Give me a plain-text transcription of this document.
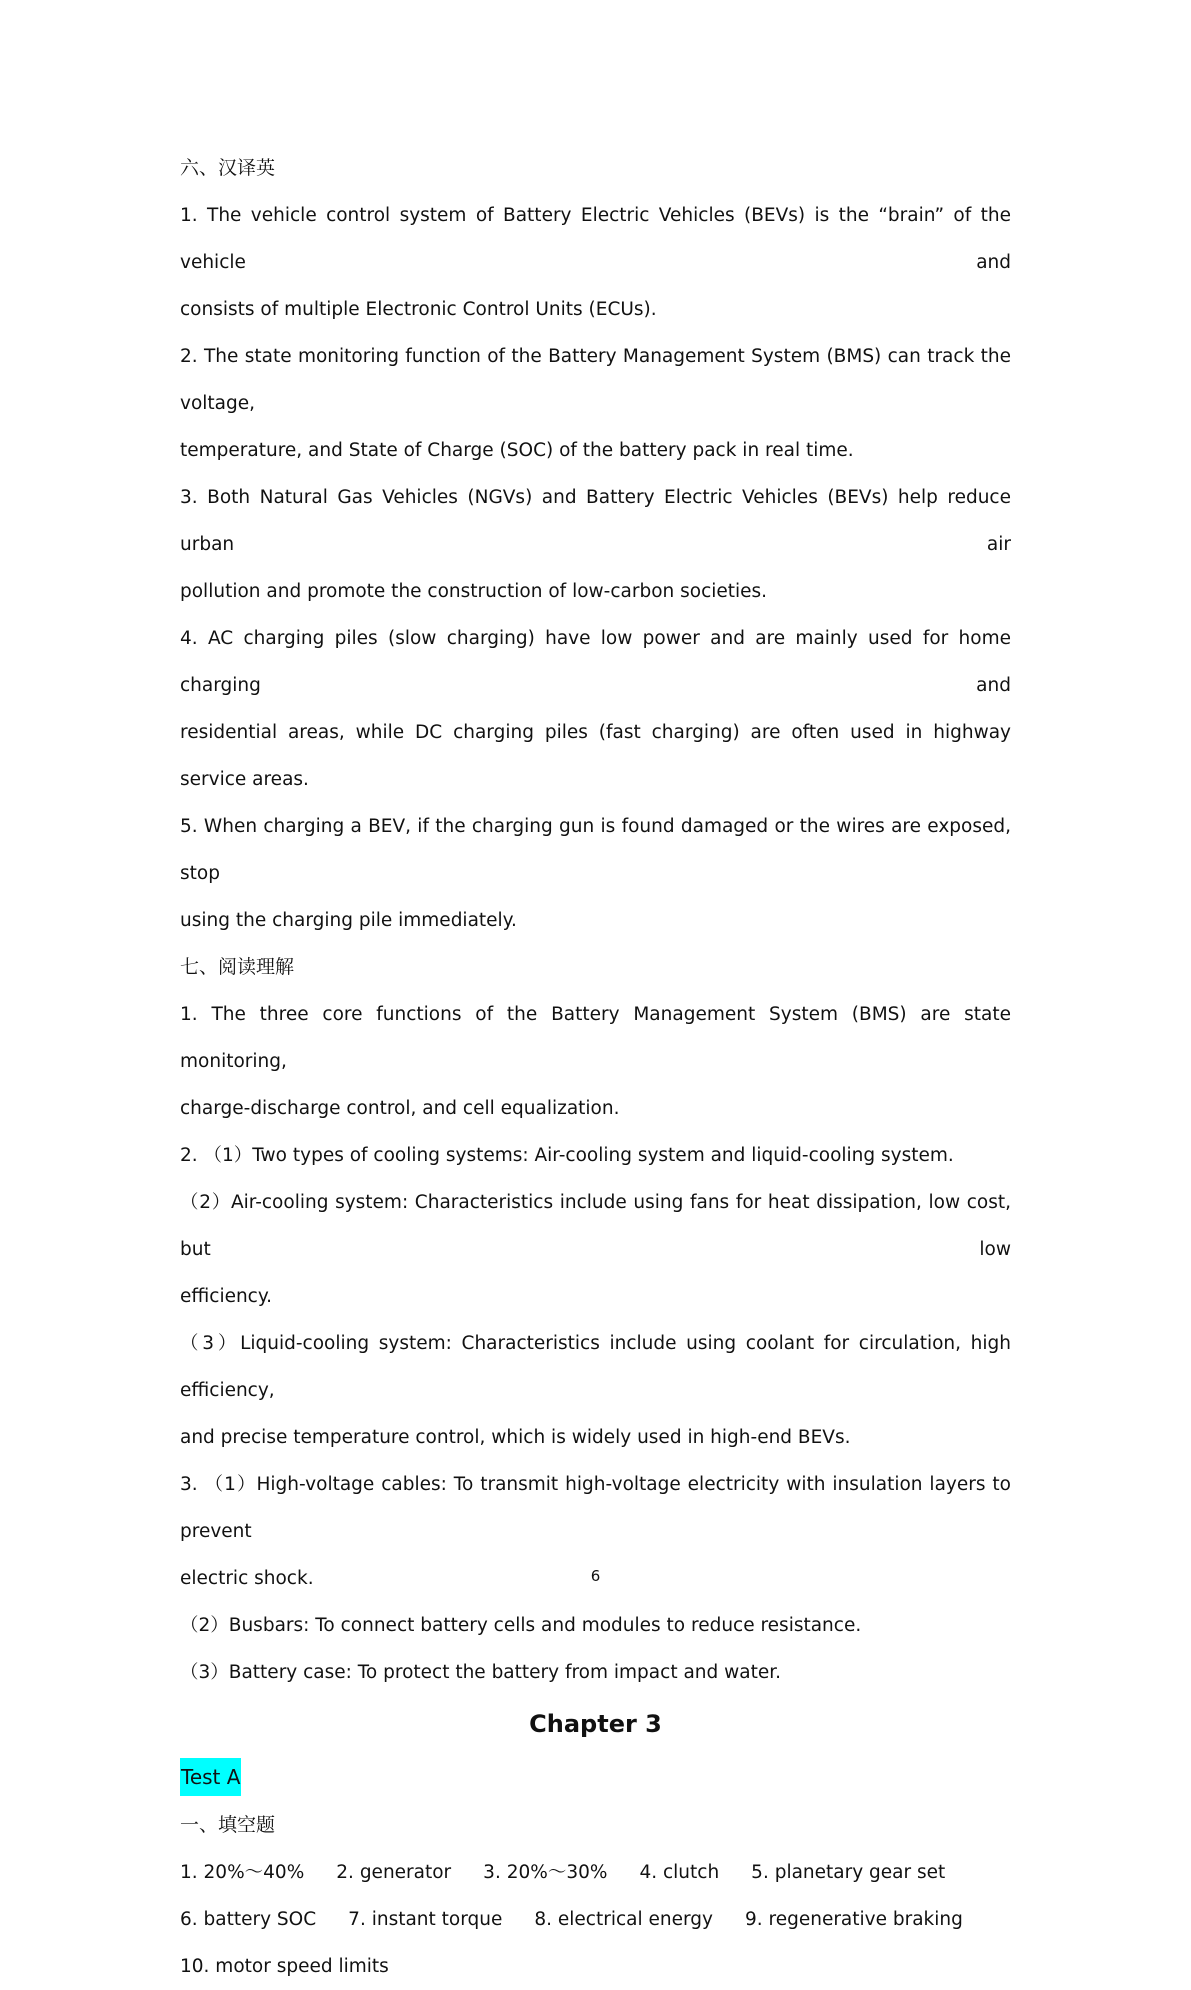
六、汉译英

1. The vehicle control system of Battery Electric Vehicles (BEVs) is the “brain” of the vehicle and

consists of multiple Electronic Control Units (ECUs).

2. The state monitoring function of the Battery Management System (BMS) can track the voltage,

temperature, and State of Charge (SOC) of the battery pack in real time.

3. Both Natural Gas Vehicles (NGVs) and Battery Electric Vehicles (BEVs) help reduce urban air

pollution and promote the construction of low-carbon societies.

4. AC charging piles (slow charging) have low power and are mainly used for home charging and

residential areas, while DC charging piles (fast charging) are often used in highway service areas.

5. When charging a BEV, if the charging gun is found damaged or the wires are exposed, stop

using the charging pile immediately.

七、阅读理解

1. The three core functions of the Battery Management System (BMS) are state monitoring,

charge-discharge control, and cell equalization.

2. （1）Two types of cooling systems: Air-cooling system and liquid-cooling system.

（2）Air-cooling system: Characteristics include using fans for heat dissipation, low cost, but low

efficiency.

（3）Liquid-cooling system: Characteristics include using coolant for circulation, high efficiency,

and precise temperature control, which is widely used in high-end BEVs.

3. （1）High-voltage cables: To transmit high-voltage electricity with insulation layers to prevent

electric shock.

（2）Busbars: To connect battery cells and modules to reduce resistance.

（3）Battery case: To protect the battery from impact and water.

Chapter 3

Test A

一、填空题

1. 20%～40% 2. generator 3. 20%～30% 4. clutch 5. planetary gear set
6. battery SOC 7. instant torque 8. electrical energy 9. regenerative braking
10. motor speed limits
6
